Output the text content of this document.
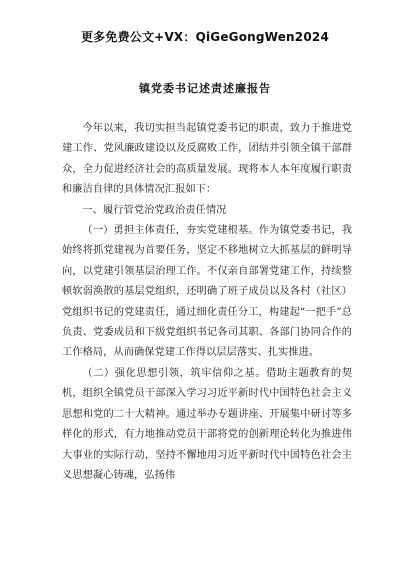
更多免费公文+VX：QiGeGongWen2024
镇党委书记述责述廉报告

今年以来，我切实担当起镇党委书记的职责，致力于推进党建工作、党风廉政建设以及反腐败工作，团结并引领全镇干部群众，全力促进经济社会的高质量发展。现将本人本年度履行职责和廉洁自律的具体情况汇报如下：

一、履行管党治党政治责任情况

（一）勇担主体责任，夯实党建根基。作为镇党委书记，我始终将抓党建视为首要任务，坚定不移地树立大抓基层的鲜明导向，以党建引领基层治理工作。不仅亲自部署党建工作，持续整顿软弱涣散的基层党组织，还明确了班子成员以及各村（社区）党组织书记的党建责任，通过细化责任分工，构建起“一把手”总负责、党委成员和下级党组织书记各司其职、各部门协同合作的工作格局，从而确保党建工作得以层层落实、扎实推进。

（二）强化思想引领，筑牢信仰之基。借助主题教育的契机，组织全镇党员干部深入学习习近平新时代中国特色社会主义思想和党的二十大精神。通过举办专题讲座、开展集中研讨等多样化的形式，有力地推动党员干部将党的创新理论转化为推进伟大事业的实际行动，坚持不懈地用习近平新时代中国特色社会主义思想凝心铸魂，弘扬伟
